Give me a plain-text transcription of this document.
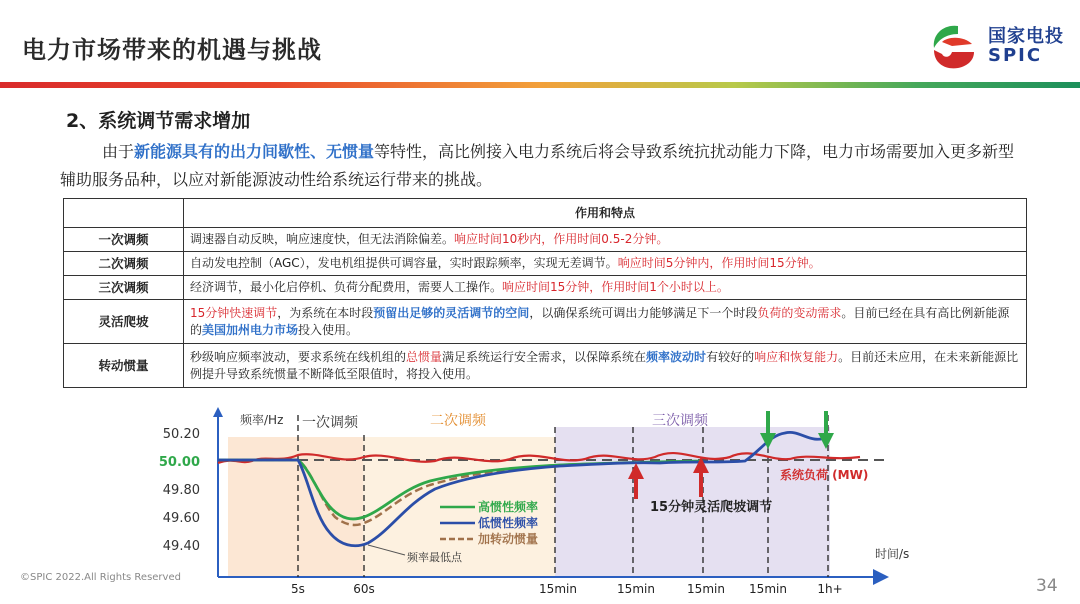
电力市场带来的机遇与挑战	国家电投
SPIC
2、系统调节需求增加
由于新能源具有的出力间歇性、无惯量等特性，高比例接入电力系统后将会导致系统抗扰动能力下降，电力市场需要加入更多新型辅助服务品种，以应对新能源波动性给系统运行带来的挑战。
	作用和特点
一次调频	调速器自动反映，响应速度快，但无法消除偏差。响应时间10秒内，作用时间0.5-2分钟。
二次调频	自动发电控制（AGC），发电机组提供可调容量，实时跟踪频率，实现无差调节。响应时间5分钟内，作用时间15分钟。
三次调频	经济调节，最小化启停机、负荷分配费用，需要人工操作。响应时间15分钟，作用时间1个小时以上。
灵活爬坡	15分钟快速调节，为系统在本时段预留出足够的灵活调节的空间，以确保系统可调出力能够满足下一个时段负荷的变动需求。目前已经在具有高比例新能源的美国加州电力市场投入使用。
转动惯量	秒级响应频率波动，要求系统在线机组的总惯量满足系统运行安全需求，以保障系统在频率波动时有较好的响应和恢复能力。目前还未应用，在未来新能源比例提升导致系统惯量不断降低至限值时，将投入使用。
50.20
50.00
49.80
49.60
49.40
频率/Hz
时间/s
5s	60s	15min	15min	15min 15min	1h+
一次调频	二次调频	三次调频
频率最低点
高惯性频率
低惯性频率
加转动惯量
系统负荷 (MW)
15分钟灵活爬坡调节
©SPIC 2022.All Rights Reserved	34
